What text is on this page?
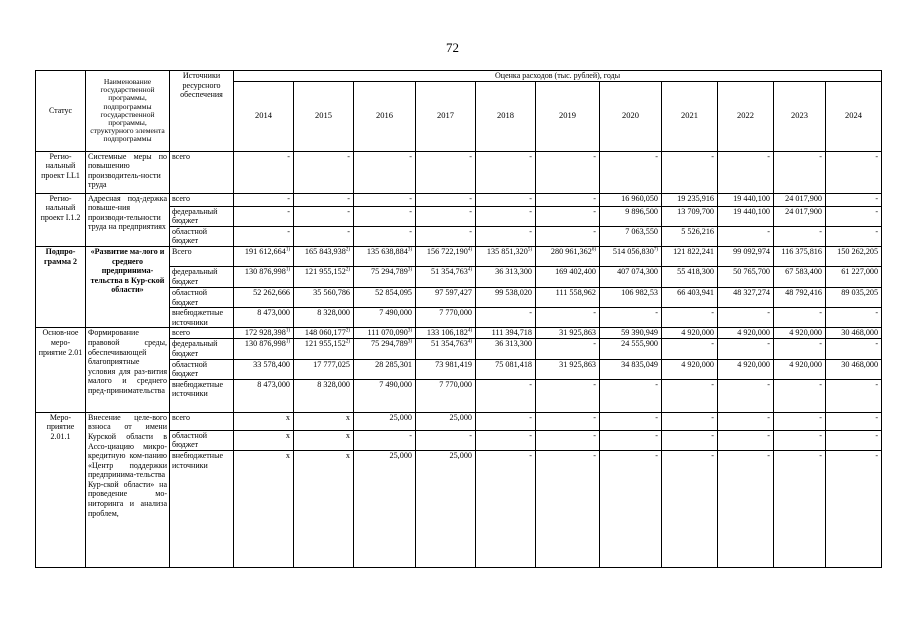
72
Статус	Наименование государственной программы, подпрограммы государственной программы, структурного элемента подпрограммы	Источники ресурсного обеспечения	Оценка расходов (тыс. рублей), годы										
			2014	2015	2016	2017	2018	2019	2020	2021	2022	2023	2024
Регио-нальный проект I.L1	Системные меры по повышению производитель-ности труда	всего	-	-	-	-	-	-	-	-	-	-	-
Регио-нальный проект I.1.2	Адресная под-держка повыше-ния производи-тельности труда на предприятиях	всего	-	-	-	-	-	-	16 960,050	19 235,916	19 440,100	24 017,900	-
		федеральный бюджет	-	-	-	-	-	-	9 896,500	13 709,700	19 440,100	24 017,900	-
		областной бюджет	-	-	-	-	-	-	7 063,550	5 526,216	-	-	-
Подпро-грамма 2	«Развитие ма-лого и среднего предпринима-тельства в Кур-ской области»	Всего	191 612,664$^{1)}$	165 843,938$^{2)}$	135 638,884$^{3)}$	156 722,190$^{4)}$	135 851,320$^{5)}$	280 961,362$^{6)}$	514 056,830$^{7)}$	121 822,241	99 092,974	116 375,816	150 262,205
		федеральный бюджет	130 876,998$^{1)}$	121 955,152$^{2)}$	75 294,789$^{3)}$	51 354,763$^{4)}$	36 313,300	169 402,400	407 074,300	55 418,300	50 765,700	67 583,400	61 227,000
		областной бюджет	52 262,666	35 560,786	52 854,095	97 597,427	99 538,020	111 558,962	106 982,53	66 403,941	48 327,274	48 792,416	89 035,205
		внебюджетные источники	8 473,000	8 328,000	7 490,000	7 770,000	-	-	-	-	-	-	-
Основ-ное меро-приятие 2.01	Формирование правовой среды, обеспечивающей благоприятные условия для раз-вития малого и среднего пред-принимательства	всего	172 928,398$^{1)}$	148 060,177$^{2)}$	111 070,090$^{3)}$	133 106,182$^{4)}$	111 394,718	31 925,863	59 390,949	4 920,000	4 920,000	4 920,000	30 468,000
		федеральный бюджет	130 876,998$^{1)}$	121 955,152$^{2)}$	75 294,789$^{3)}$	51 354,763$^{4)}$	36 313,300	-	24 555,900	-	-	-	-
		областной бюджет	33 578,400	17 777,025	28 285,301	73 981,419	75 081,418	31 925,863	34 835,049	4 920,000	4 920,000	4 920,000	30 468,000
		внебюджетные источники	8 473,000	8 328,000	7 490,000	7 770,000	-	-	-	-	-	-	-
Меро-приятие 2.01.1	Внесение целе-вого взноса от имени Курской области в Ассо-циацию микро-кредитную ком-панию «Центр поддержки предпринима-тельства Кур-ской области» на проведение мо-ниторинга и анализа проблем,	всего	x	x	25,000	25,000	-	-	-	-	-	-	-
		областной бюджет	x	x	-	-	-	-	-	-	-	-	-
		внебюджетные источники	x	x	25,000	25,000	-	-	-	-	-	-	-
